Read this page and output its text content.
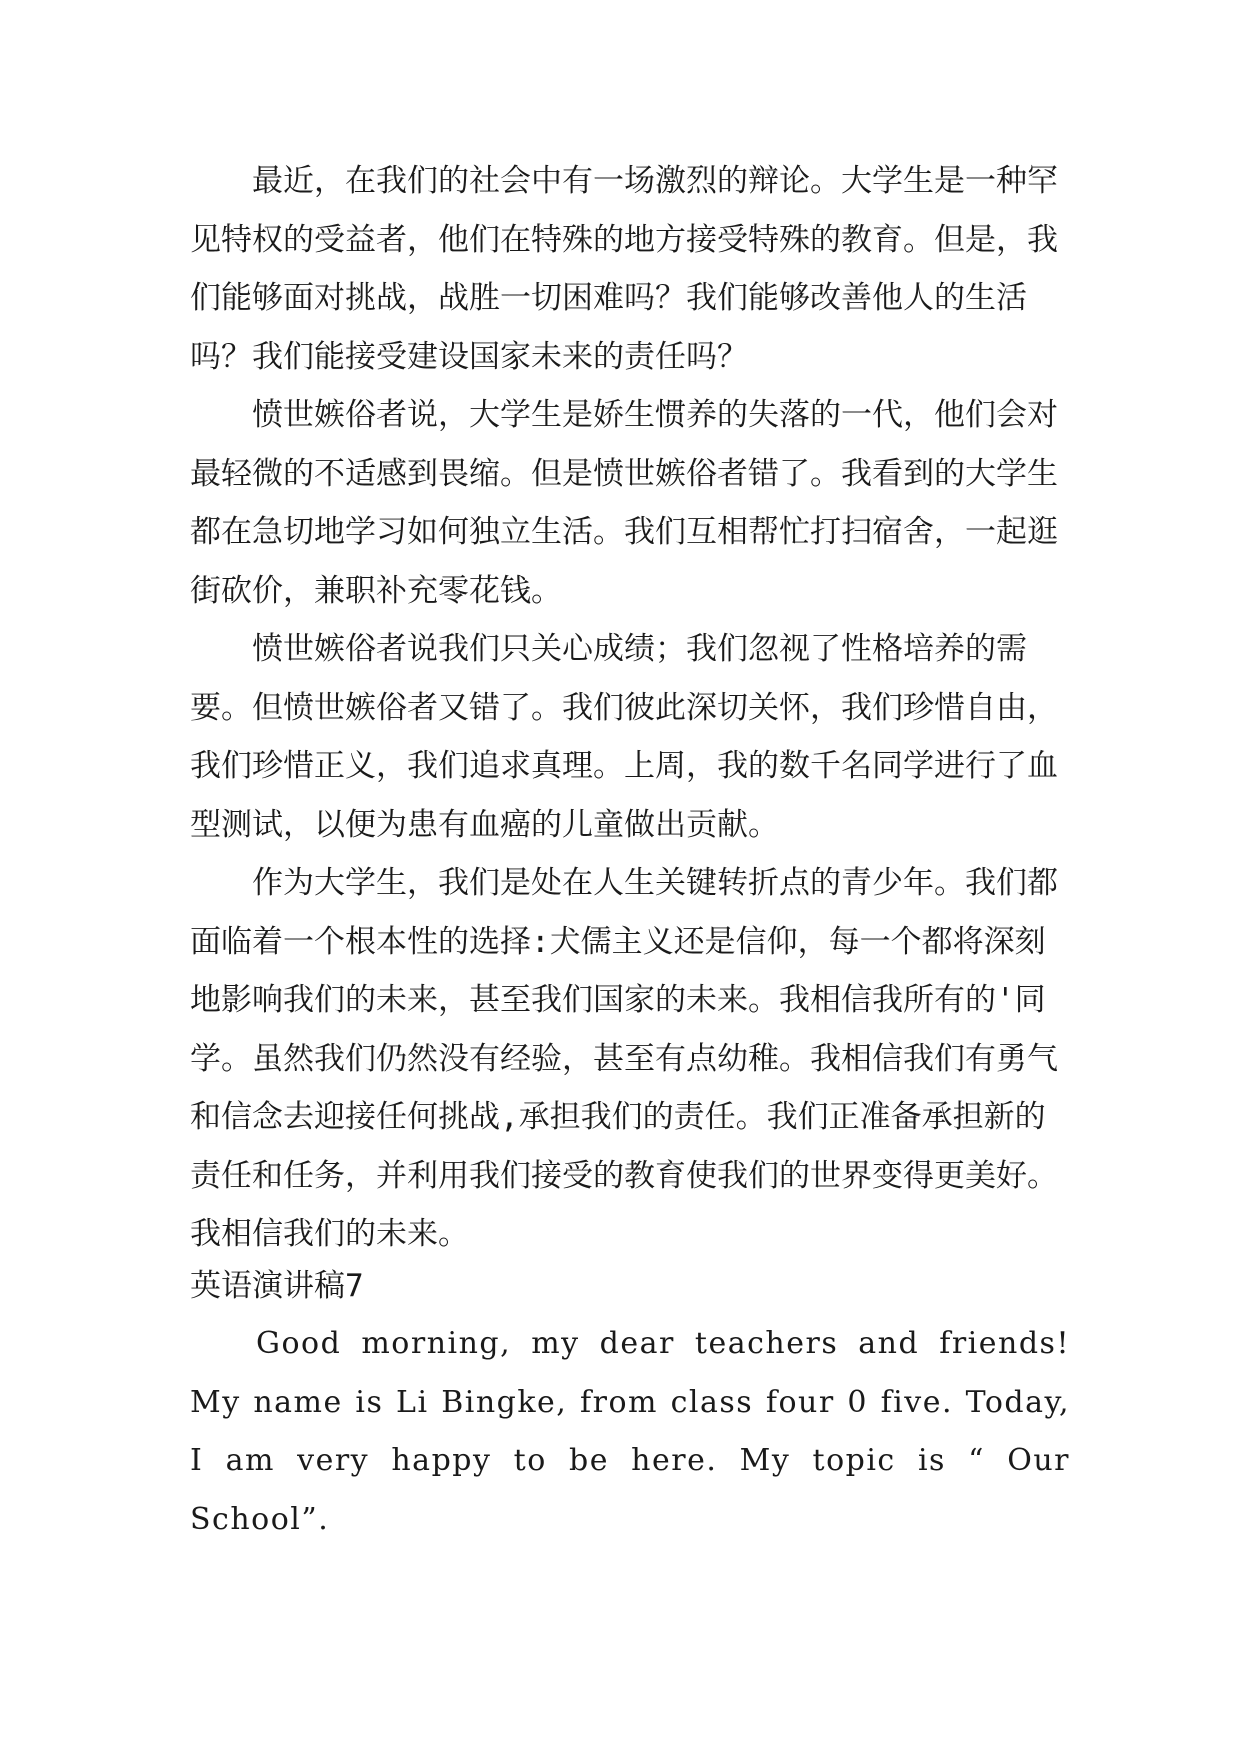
最近，在我们的社会中有一场激烈的辩论。大学生是一种罕见特权的受益者，他们在特殊的地方接受特殊的教育。但是，我们能够面对挑战，战胜一切困难吗？我们能够改善他人的生活吗？我们能接受建设国家未来的责任吗？

愤世嫉俗者说，大学生是娇生惯养的失落的一代，他们会对最轻微的不适感到畏缩。但是愤世嫉俗者错了。我看到的大学生都在急切地学习如何独立生活。我们互相帮忙打扫宿舍，一起逛街砍价，兼职补充零花钱。

愤世嫉俗者说我们只关心成绩；我们忽视了性格培养的需要。但愤世嫉俗者又错了。我们彼此深切关怀，我们珍惜自由，我们珍惜正义，我们追求真理。上周，我的数千名同学进行了血型测试，以便为患有血癌的儿童做出贡献。

作为大学生，我们是处在人生关键转折点的青少年。我们都面临着一个根本性的选择:犬儒主义还是信仰，每一个都将深刻地影响我们的未来，甚至我们国家的未来。我相信我所有的'同学。虽然我们仍然没有经验，甚至有点幼稚。我相信我们有勇气和信念去迎接任何挑战,承担我们的责任。我们正准备承担新的责任和任务，并利用我们接受的教育使我们的世界变得更美好。我相信我们的未来。

英语演讲稿7

Good morning, my dear teachers and friends! My name is Li Bingke, from class four 0 five. Today, I am very happy to be here. My topic is “ Our School”.
